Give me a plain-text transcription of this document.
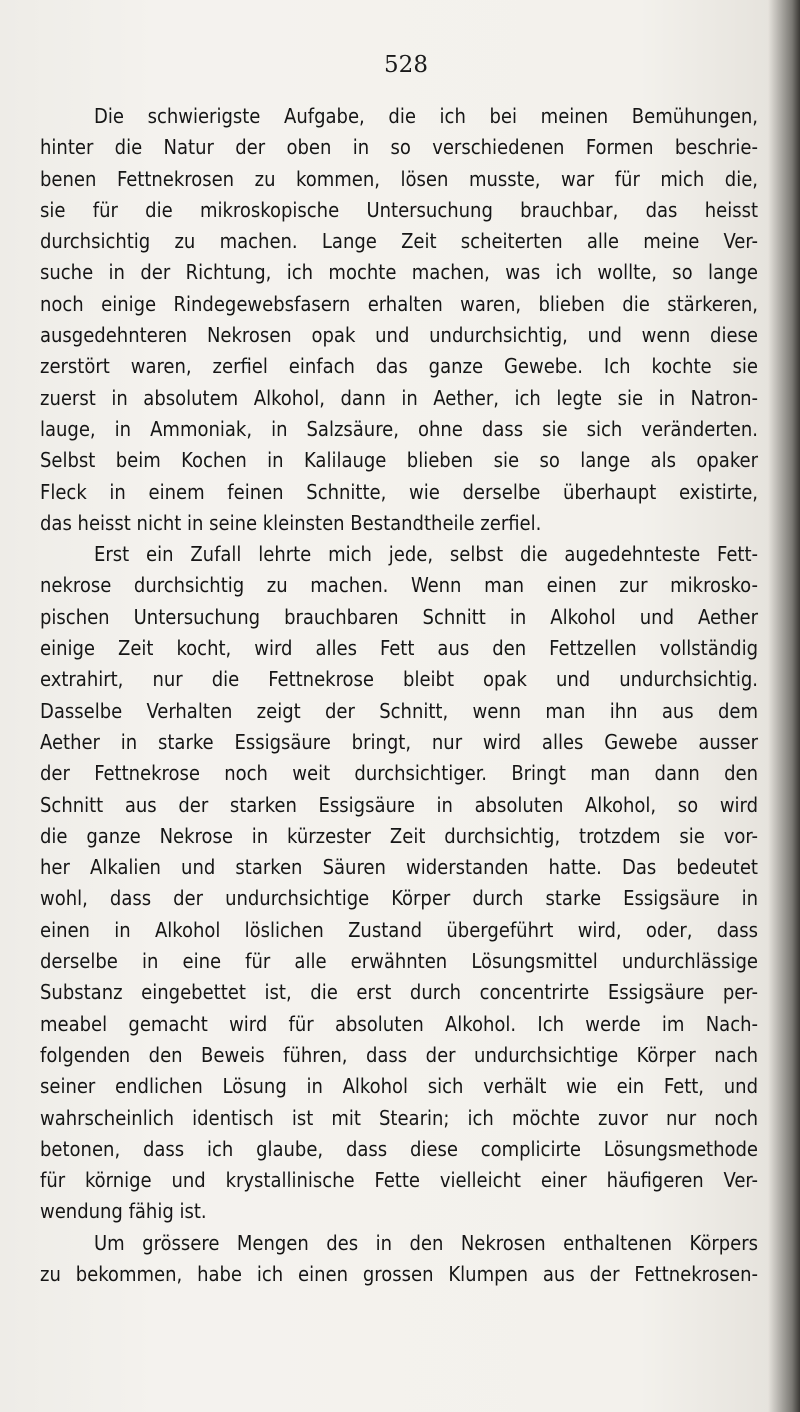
528
Die schwierigste Aufgabe, die ich bei meinen Bemühungen,
hinter die Natur der oben in so verschiedenen Formen beschrie-
benen Fettnekrosen zu kommen, lösen musste, war für mich die,
sie für die mikroskopische Untersuchung brauchbar, das heisst
durchsichtig zu machen. Lange Zeit scheiterten alle meine Ver-
suche in der Richtung, ich mochte machen, was ich wollte, so lange
noch einige Rindegewebsfasern erhalten waren, blieben die stärkeren,
ausgedehnteren Nekrosen opak und undurchsichtig, und wenn diese
zerstört waren, zerfiel einfach das ganze Gewebe. Ich kochte sie
zuerst in absolutem Alkohol, dann in Aether, ich legte sie in Natron-
lauge, in Ammoniak, in Salzsäure, ohne dass sie sich veränderten.
Selbst beim Kochen in Kalilauge blieben sie so lange als opaker
Fleck in einem feinen Schnitte, wie derselbe überhaupt existirte,
das heisst nicht in seine kleinsten Bestandtheile zerfiel.
Erst ein Zufall lehrte mich jede, selbst die augedehnteste Fett-
nekrose durchsichtig zu machen. Wenn man einen zur mikrosko-
pischen Untersuchung brauchbaren Schnitt in Alkohol und Aether
einige Zeit kocht, wird alles Fett aus den Fettzellen vollständig
extrahirt, nur die Fettnekrose bleibt opak und undurchsichtig.
Dasselbe Verhalten zeigt der Schnitt, wenn man ihn aus dem
Aether in starke Essigsäure bringt, nur wird alles Gewebe ausser
der Fettnekrose noch weit durchsichtiger. Bringt man dann den
Schnitt aus der starken Essigsäure in absoluten Alkohol, so wird
die ganze Nekrose in kürzester Zeit durchsichtig, trotzdem sie vor-
her Alkalien und starken Säuren widerstanden hatte. Das bedeutet
wohl, dass der undurchsichtige Körper durch starke Essigsäure in
einen in Alkohol löslichen Zustand übergeführt wird, oder, dass
derselbe in eine für alle erwähnten Lösungsmittel undurchlässige
Substanz eingebettet ist, die erst durch concentrirte Essigsäure per-
meabel gemacht wird für absoluten Alkohol. Ich werde im Nach-
folgenden den Beweis führen, dass der undurchsichtige Körper nach
seiner endlichen Lösung in Alkohol sich verhält wie ein Fett, und
wahrscheinlich identisch ist mit Stearin; ich möchte zuvor nur noch
betonen, dass ich glaube, dass diese complicirte Lösungsmethode
für körnige und krystallinische Fette vielleicht einer häufigeren Ver-
wendung fähig ist.
Um grössere Mengen des in den Nekrosen enthaltenen Körpers
zu bekommen, habe ich einen grossen Klumpen aus der Fettnekrosen-
